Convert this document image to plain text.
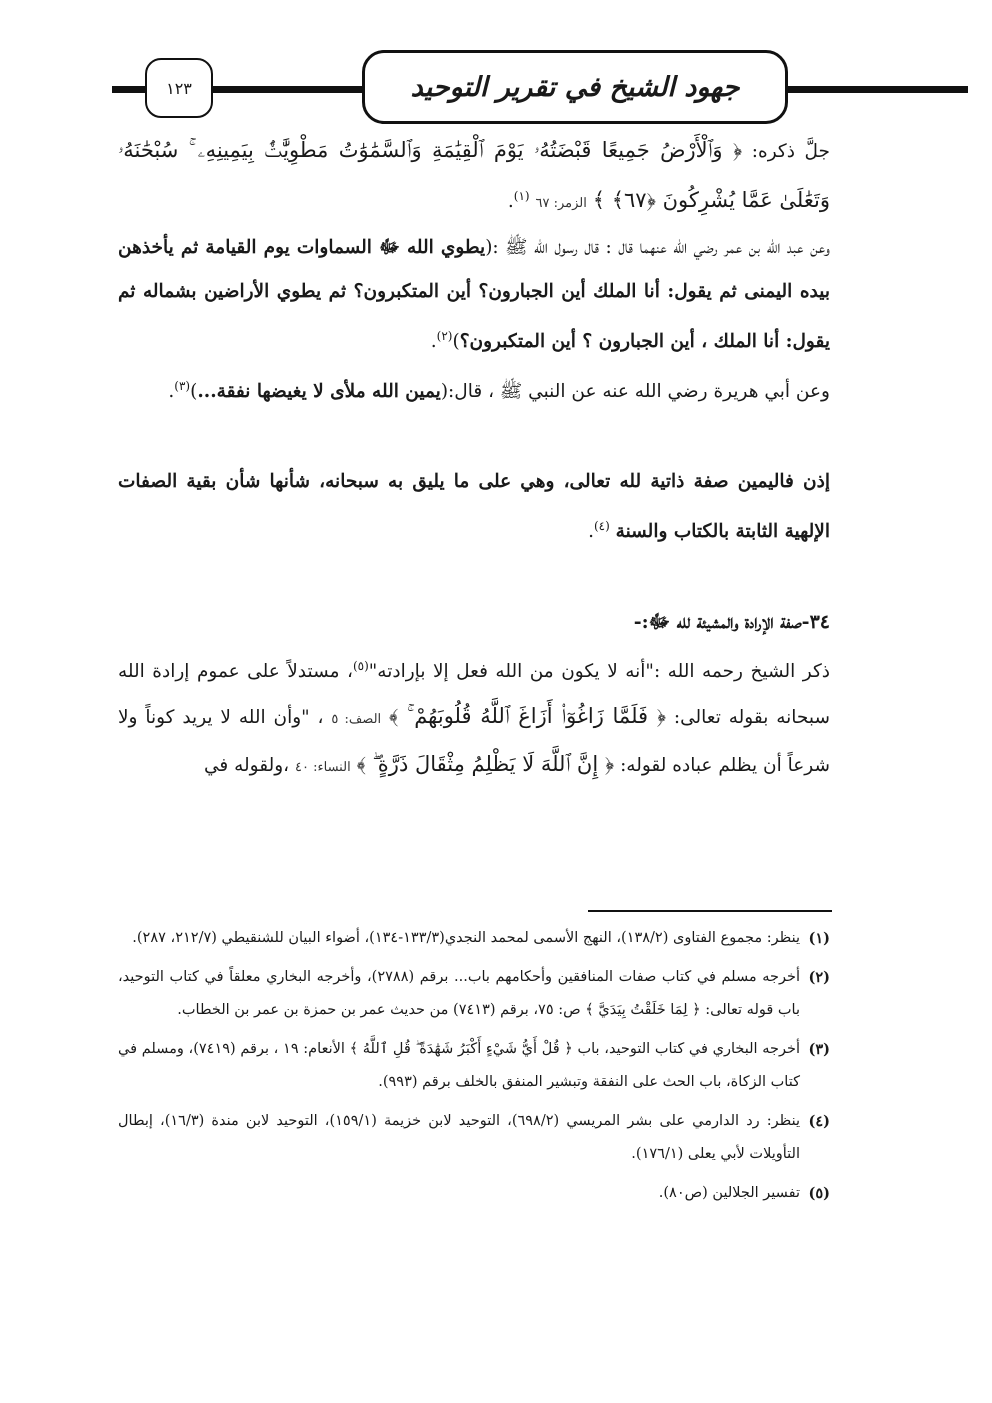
١٢٣	جهود الشيخ في تقرير التوحيد

جلَّ ذكره: ﴿ وَٱلْأَرْضُ جَمِيعًا قَبْضَتُهُۥ يَوْمَ ٱلْقِيَٰمَةِ وَٱلسَّمَٰوَٰتُ مَطْوِيَّٰتٌۢ بِيَمِينِهِۦ ۚ سُبْحَٰنَهُۥ وَتَعَٰلَىٰ عَمَّا يُشْرِكُونَ ﴿٦٧﴾ ﴾ الزمر: ٦٧ $^{(١)}$.

وعن عبد الله بن عمر رضي الله عنهما قال : قال رسول الله ﷺ :(يطوي الله ﷻ السماوات يوم القيامة ثم يأخذهن بيده اليمنى ثم يقول: أنا الملك أين الجبارون؟ أين المتكبرون؟ ثم يطوي الأراضين بشماله ثم يقول: أنا الملك ، أين الجبارون ؟ أين المتكبرون؟)$^{(٢)}$.

وعن أبي هريرة رضي الله عنه عن النبي ﷺ ، قال:(يمين الله ملأى لا يغيضها نفقة...)$^{(٣)}$.

إذن فاليمين صفة ذاتية لله تعالى، وهي على ما يليق به سبحانه، شأنها شأن بقية الصفات الإلهية الثابتة بالكتاب والسنة $^{(٤)}$.

٣٤-صفة الإرادة والمشيئة لله ﷻ:-

ذكر الشيخ رحمه الله :"أنه لا يكون من الله فعل إلا بإرادته"$^{(٥)}$، مستدلاً على عموم إرادة الله سبحانه بقوله تعالى: ﴿ فَلَمَّا زَاغُوٓا۟ أَزَاغَ ٱللَّهُ قُلُوبَهُمْ ۚ ﴾ الصف: ٥ ، "وأن الله لا يريد كوناً ولا شرعاً أن يظلم عباده لقوله: ﴿ إِنَّ ٱللَّهَ لَا يَظْلِمُ مِثْقَالَ ذَرَّةٍ ۖ ﴾ النساء: ٤٠ ،ولقوله في

(١)
ينظر: مجموع الفتاوى (١٣٨/٢)، النهج الأسمى لمحمد النجدي(١٣٣/٣-١٣٤)، أضواء البيان للشنقيطي (٢١٢/٧، ٢٨٧).
(٢)
أخرجه مسلم في كتاب صفات المنافقين وأحكامهم باب... برقم (٢٧٨٨)، وأخرجه البخاري معلقاً في كتاب التوحيد، باب قوله تعالى: ﴿ لِمَا خَلَقْتُ بِيَدَيَّ ﴾ ص: ٧٥، برقم (٧٤١٣) من حديث عمر بن حمزة بن عمر بن الخطاب.
(٣)
أخرجه البخاري في كتاب التوحيد، باب ﴿ قُلْ أَيُّ شَيْءٍ أَكْبَرُ شَهَٰدَةً ۖ قُلِ ٱللَّهُ ﴾ الأنعام: ١٩ ، برقم (٧٤١٩)، ومسلم في كتاب الزكاة، باب الحث على النفقة وتبشير المنفق بالخلف برقم (٩٩٣).
(٤)
ينظر: رد الدارمي على بشر المريسي (٦٩٨/٢)، التوحيد لابن خزيمة (١٥٩/١)، التوحيد لابن مندة (١٦/٣)، إبطال التأويلات لأبي يعلى (١٧٦/١).
(٥)
تفسير الجلالين (ص٨٠).
